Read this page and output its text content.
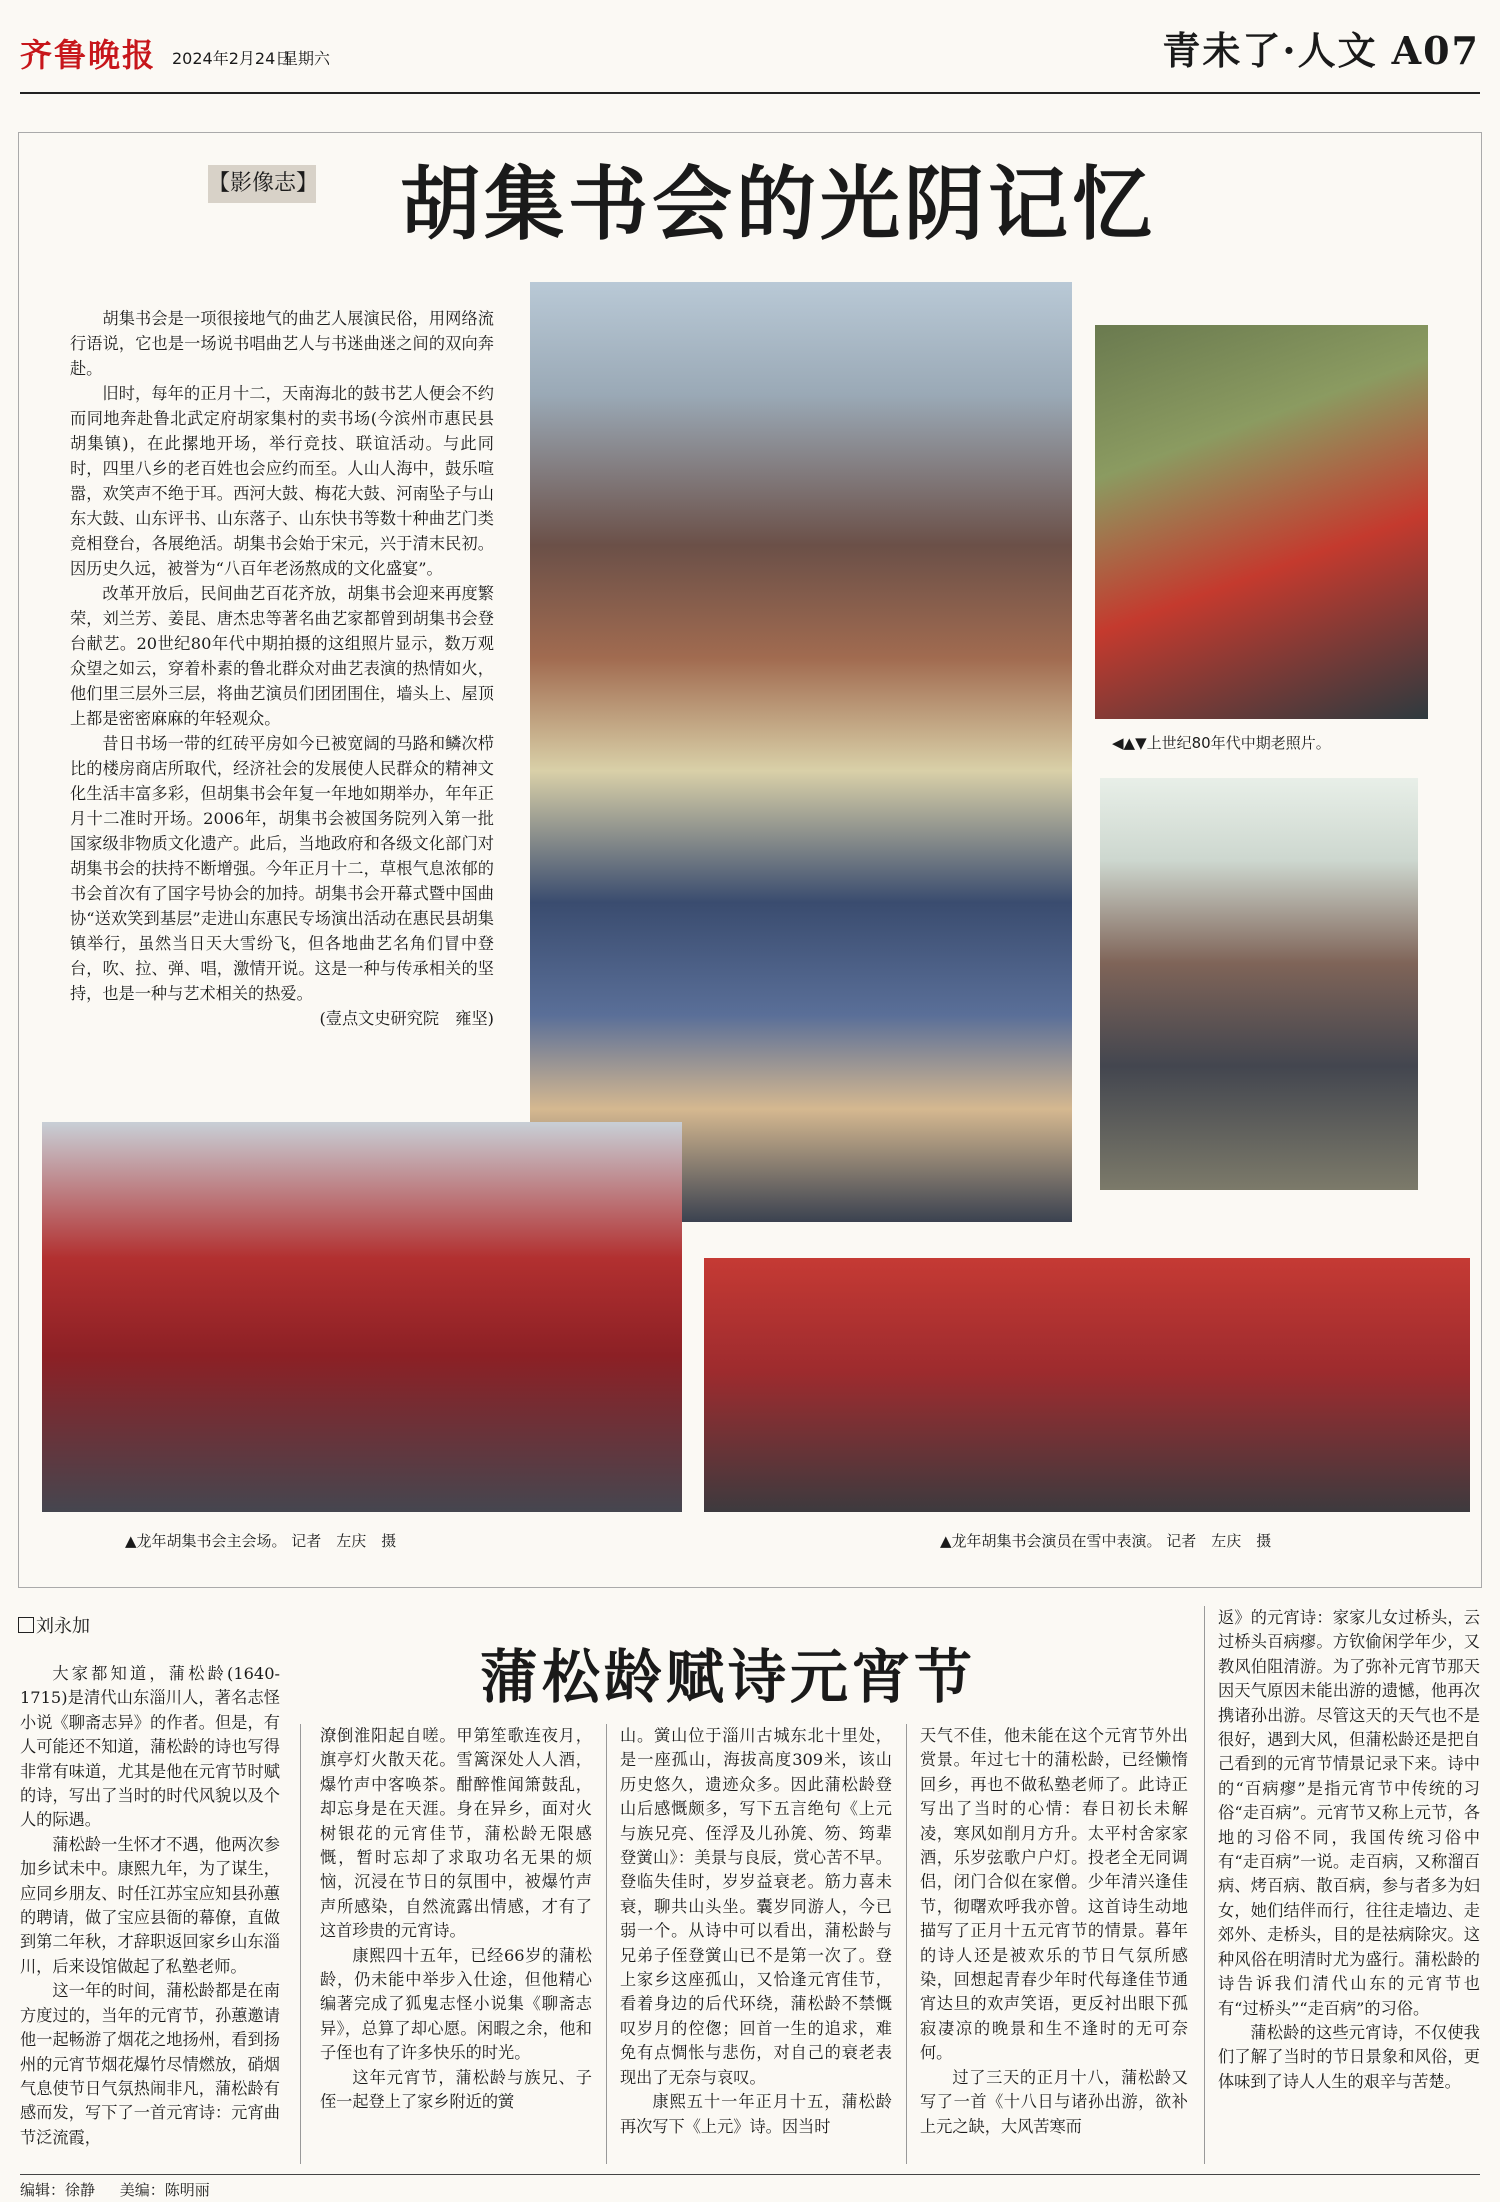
齐鲁晚报 2024年2月24日
星期六	青未了·人文 A07
【影像志】 胡集书会的光阴记忆

胡集书会是一项很接地气的曲艺人展演民俗，用网络流行语说，它也是一场说书唱曲艺人与书迷曲迷之间的双向奔赴。

旧时，每年的正月十二，天南海北的鼓书艺人便会不约而同地奔赴鲁北武定府胡家集村的卖书场(今滨州市惠民县胡集镇)，在此摞地开场，举行竞技、联谊活动。与此同时，四里八乡的老百姓也会应约而至。人山人海中，鼓乐喧嚣，欢笑声不绝于耳。西河大鼓、梅花大鼓、河南坠子与山东大鼓、山东评书、山东落子、山东快书等数十种曲艺门类竞相登台，各展绝活。胡集书会始于宋元，兴于清末民初。因历史久远，被誉为“八百年老汤熬成的文化盛宴”。

改革开放后，民间曲艺百花齐放，胡集书会迎来再度繁荣，刘兰芳、姜昆、唐杰忠等著名曲艺家都曾到胡集书会登台献艺。20世纪80年代中期拍摄的这组照片显示，数万观众望之如云，穿着朴素的鲁北群众对曲艺表演的热情如火，他们里三层外三层，将曲艺演员们团团围住，墙头上、屋顶上都是密密麻麻的年轻观众。

昔日书场一带的红砖平房如今已被宽阔的马路和鳞次栉比的楼房商店所取代，经济社会的发展使人民群众的精神文化生活丰富多彩，但胡集书会年复一年地如期举办，年年正月十二准时开场。2006年，胡集书会被国务院列入第一批国家级非物质文化遗产。此后，当地政府和各级文化部门对胡集书会的扶持不断增强。今年正月十二，草根气息浓郁的书会首次有了国字号协会的加持。胡集书会开幕式暨中国曲协“送欢笑到基层”走进山东惠民专场演出活动在惠民县胡集镇举行，虽然当日天大雪纷飞，但各地曲艺名角们冒中登台，吹、拉、弹、唱，激情开说。这是一种与传承相关的坚持，也是一种与艺术相关的热爱。

(壹点文史研究院　雍坚)

◀▲▼上世纪80年代中期老照片。
▲龙年胡集书会主会场。 记者　左庆　摄	▲龙年胡集书会演员在雪中表演。 记者　左庆　摄
刘永加
蒲松龄赋诗元宵节

大家都知道，蒲松龄(1640-1715)是清代山东淄川人，著名志怪小说《聊斋志异》的作者。但是，有人可能还不知道，蒲松龄的诗也写得非常有味道，尤其是他在元宵节时赋的诗，写出了当时的时代风貌以及个人的际遇。

蒲松龄一生怀才不遇，他两次参加乡试未中。康熙九年，为了谋生，应同乡朋友、时任江苏宝应知县孙蕙的聘请，做了宝应县衙的幕僚，直做到第二年秋，才辞职返回家乡山东淄川，后来设馆做起了私塾老师。

这一年的时间，蒲松龄都是在南方度过的，当年的元宵节，孙蕙邀请他一起畅游了烟花之地扬州，看到扬州的元宵节烟花爆竹尽情燃放，硝烟气息使节日气氛热闹非凡，蒲松龄有感而发，写下了一首元宵诗：元宵曲节泛流霞，

潦倒淮阳起自嗟。甲第笙歌连夜月，旗亭灯火散天花。雪篱深处人人酒，爆竹声中客唤茶。酣醉惟闻箫鼓乱，却忘身是在天涯。身在异乡，面对火树银花的元宵佳节，蒲松龄无限感慨，暂时忘却了求取功名无果的烦恼，沉浸在节日的氛围中，被爆竹声声所感染，自然流露出情感，才有了这首珍贵的元宵诗。

康熙四十五年，已经66岁的蒲松龄，仍未能中举步入仕途，但他精心编著完成了狐鬼志怪小说集《聊斋志异》，总算了却心愿。闲暇之余，他和子侄也有了许多快乐的时光。

这年元宵节，蒲松龄与族兄、子侄一起登上了家乡附近的黉

山。黉山位于淄川古城东北十里处，是一座孤山，海拔高度309米，该山历史悠久，遗迹众多。因此蒲松龄登山后感慨颇多，写下五言绝句《上元与族兄亮、侄浮及儿孙箎、笏、筠辈登黉山》：美景与良辰，赏心苦不早。登临失佳时，岁岁益衰老。筋力喜未衰，聊共山头坐。囊岁同游人，今已弱一个。从诗中可以看出，蒲松龄与兄弟子侄登黉山已不是第一次了。登上家乡这座孤山，又恰逢元宵佳节，看着身边的后代环绕，蒲松龄不禁慨叹岁月的倥偬；回首一生的追求，难免有点惆怅与悲伤，对自己的衰老表现出了无奈与哀叹。

康熙五十一年正月十五，蒲松龄再次写下《上元》诗。因当时

天气不佳，他未能在这个元宵节外出赏景。年过七十的蒲松龄，已经懒惰回乡，再也不做私塾老师了。此诗正写出了当时的心情：春日初长未解凌，寒风如削月方升。太平村舍家家酒，乐岁弦歌户户灯。投老全无同调侣，闭门合似在家僧。少年清兴逢佳节，彻曙欢呼我亦曾。这首诗生动地描写了正月十五元宵节的情景。暮年的诗人还是被欢乐的节日气氛所感染，回想起青春少年时代每逢佳节通宵达旦的欢声笑语，更反衬出眼下孤寂凄凉的晚景和生不逢时的无可奈何。

过了三天的正月十八，蒲松龄又写了一首《十八日与诸孙出游，欲补上元之缺，大风苦寒而

返》的元宵诗：家家儿女过桥头，云过桥头百病瘳。方钦偷闲学年少，又教风伯阻清游。为了弥补元宵节那天因天气原因未能出游的遗憾，他再次携诸孙出游。尽管这天的天气也不是很好，遇到大风，但蒲松龄还是把自己看到的元宵节情景记录下来。诗中的“百病瘳”是指元宵节中传统的习俗“走百病”。元宵节又称上元节，各地的习俗不同，我国传统习俗中有“走百病”一说。走百病，又称溜百病、烤百病、散百病，参与者多为妇女，她们结伴而行，往往走墙边、走郊外、走桥头，目的是祛病除灾。这种风俗在明清时尤为盛行。蒲松龄的诗告诉我们清代山东的元宵节也有“过桥头”“走百病”的习俗。

蒲松龄的这些元宵诗，不仅使我们了解了当时的节日景象和风俗，更体味到了诗人人生的艰辛与苦楚。

编辑：徐静 美编：陈明丽
